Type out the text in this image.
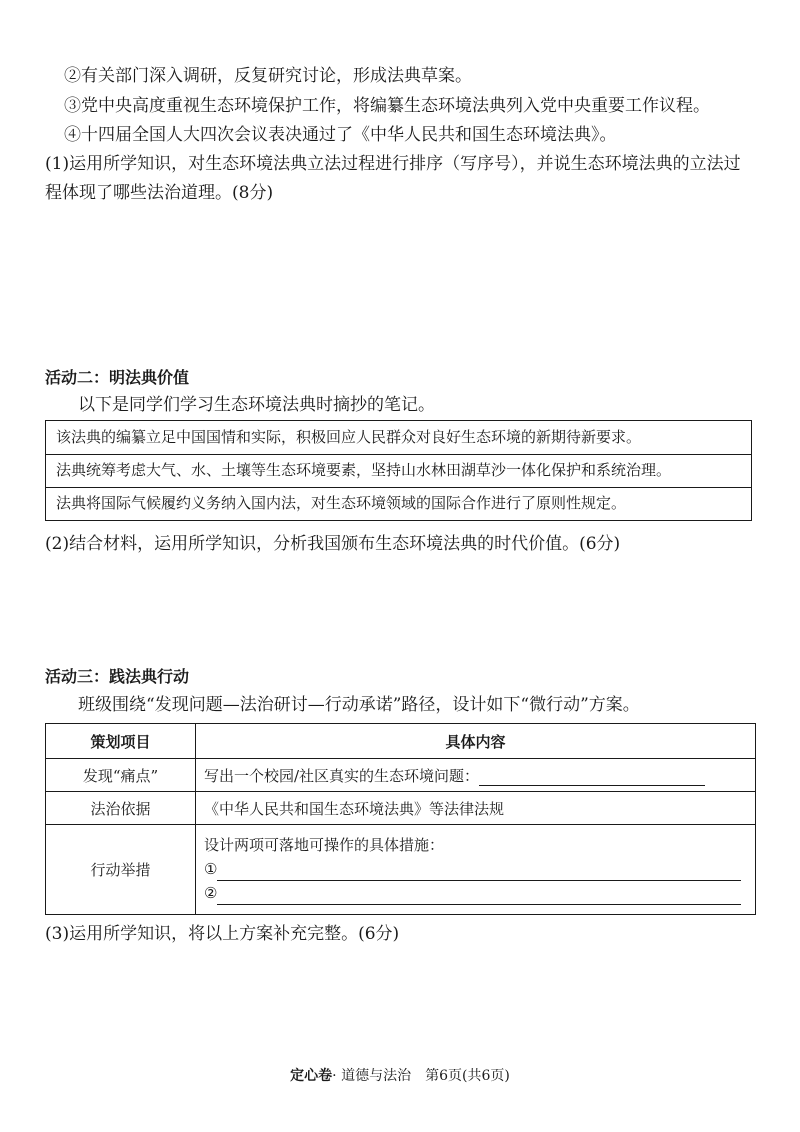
②有关部门深入调研，反复研究讨论，形成法典草案。
③党中央高度重视生态环境保护工作，将编纂生态环境法典列入党中央重要工作议程。
④十四届全国人大四次会议表决通过了《中华人民共和国生态环境法典》。
(1)运用所学知识，对生态环境法典立法过程进行排序（写序号），并说生态环境法典的立法过
程体现了哪些法治道理。(8分)
活动二：明法典价值
以下是同学们学习生态环境法典时摘抄的笔记。
该法典的编纂立足中国国情和实际，积极回应人民群众对良好生态环境的新期待新要求。
法典统筹考虑大气、水、土壤等生态环境要素，坚持山水林田湖草沙一体化保护和系统治理。
法典将国际气候履约义务纳入国内法，对生态环境领域的国际合作进行了原则性规定。
(2)结合材料，运用所学知识，分析我国颁布生态环境法典的时代价值。(6分)
活动三：践法典行动
班级围绕“发现问题—法治研讨—行动承诺”路径，设计如下“微行动”方案。
策划项目	具体内容
发现“痛点”	写出一个校园/社区真实的生态环境问题：
法治依据	《中华人民共和国生态环境法典》等法律法规
行动举措	设计两项可落地可操作的具体措施：
①
②
(3)运用所学知识，将以上方案补充完整。(6分)
定心卷· 道德与法治　第6页(共6页)
